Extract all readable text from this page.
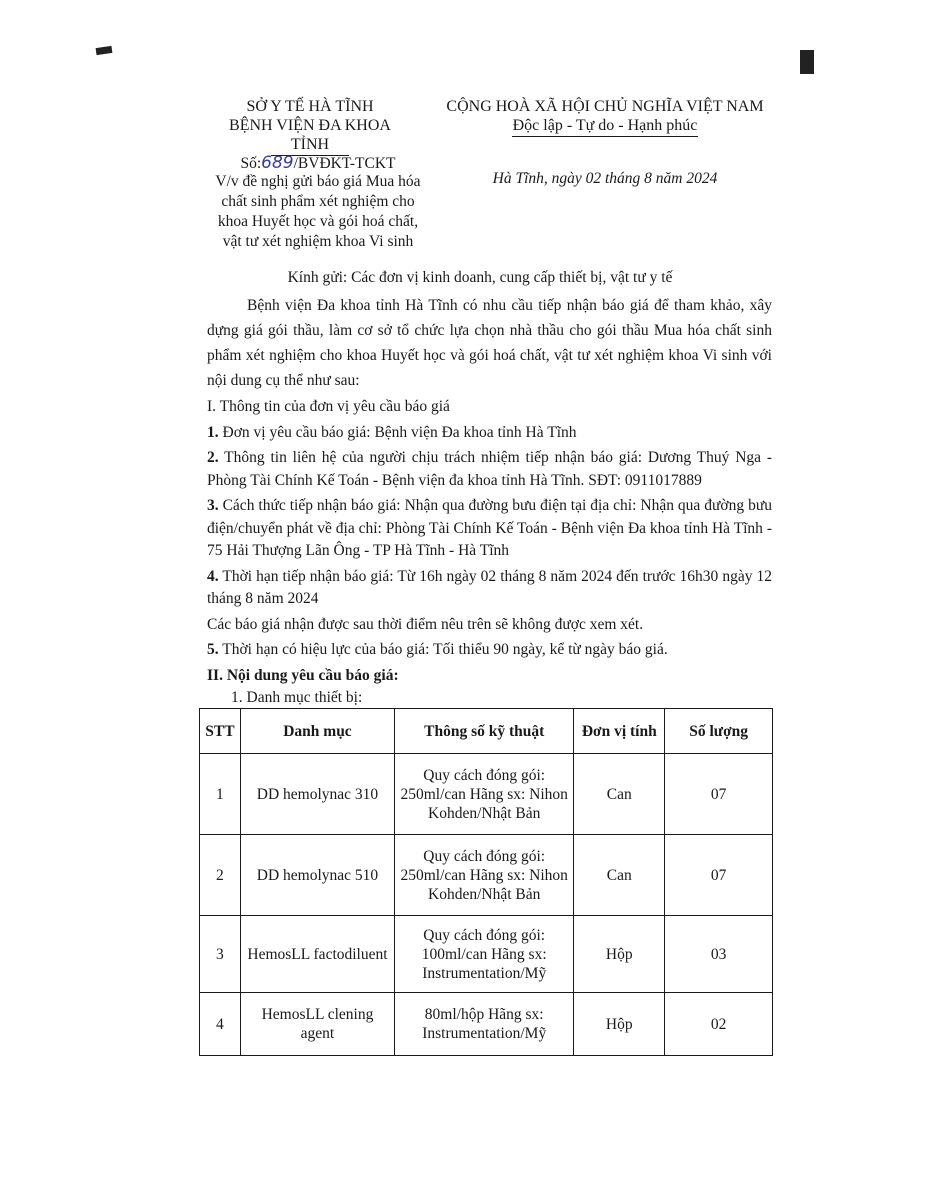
SỞ Y TẾ HÀ TĨNH
BỆNH VIỆN ĐA KHOA TỈNH
CỘNG HOÀ XÃ HỘI CHỦ NGHĨA VIỆT NAM
Độc lập - Tự do - Hạnh phúc
Số:689/BVĐKT-TCKT
V/v đề nghị gửi báo giá Mua hóa
chất sinh phẩm xét nghiệm cho
khoa Huyết học và gói hoá chất,
vật tư xét nghiệm khoa Vi sinh
Hà Tĩnh, ngày 02 tháng 8 năm 2024
Kính gửi: Các đơn vị kinh doanh, cung cấp thiết bị, vật tư y tế

Bệnh viện Đa khoa tỉnh Hà Tĩnh có nhu cầu tiếp nhận báo giá để tham khảo, xây dựng giá gói thầu, làm cơ sở tổ chức lựa chọn nhà thầu cho gói thầu Mua hóa chất sinh phẩm xét nghiệm cho khoa Huyết học và gói hoá chất, vật tư xét nghiệm khoa Vi sinh với nội dung cụ thể như sau:

I. Thông tin của đơn vị yêu cầu báo giá

1. Đơn vị yêu cầu báo giá: Bệnh viện Đa khoa tỉnh Hà Tĩnh

2. Thông tin liên hệ của người chịu trách nhiệm tiếp nhận báo giá: Dương Thuý Nga - Phòng Tài Chính Kế Toán - Bệnh viện đa khoa tỉnh Hà Tĩnh. SĐT: 0911017889

3. Cách thức tiếp nhận báo giá: Nhận qua đường bưu điện tại địa chỉ: Nhận qua đường bưu điện/chuyển phát về địa chỉ: Phòng Tài Chính Kế Toán - Bệnh viện Đa khoa tỉnh Hà Tĩnh - 75 Hải Thượng Lãn Ông - TP Hà Tĩnh - Hà Tĩnh

4. Thời hạn tiếp nhận báo giá: Từ 16h ngày 02 tháng 8 năm 2024 đến trước 16h30 ngày 12 tháng 8 năm 2024

Các báo giá nhận được sau thời điểm nêu trên sẽ không được xem xét.

5. Thời hạn có hiệu lực của báo giá: Tối thiểu 90 ngày, kể từ ngày báo giá.

II. Nội dung yêu cầu báo giá:

1. Danh mục thiết bị:

STT	Danh mục	Thông số kỹ thuật	Đơn vị tính	Số lượng
1	DD hemolynac 310	Quy cách đóng gói: 250ml/can Hãng sx: Nihon Kohden/Nhật Bản	Can	07
2	DD hemolynac 510	Quy cách đóng gói: 250ml/can Hãng sx: Nihon Kohden/Nhật Bản	Can	07
3	HemosLL factodiluent	Quy cách đóng gói: 100ml/can Hãng sx: Instrumentation/Mỹ	Hộp	03
4	HemosLL clening agent	80ml/hộp Hãng sx: Instrumentation/Mỹ	Hộp	02
